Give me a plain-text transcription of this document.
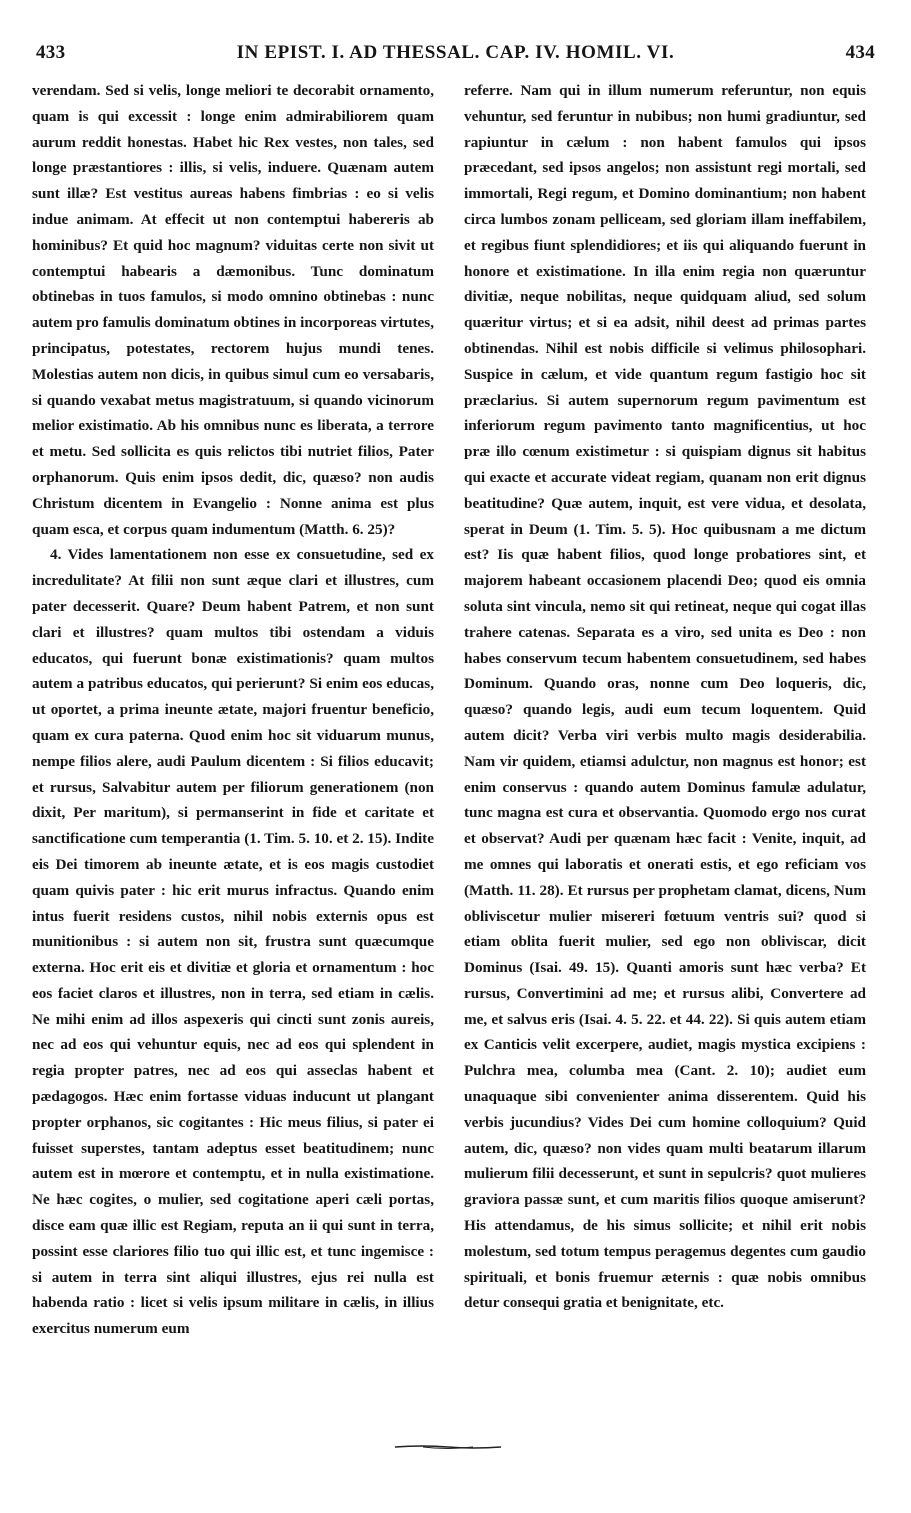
433	IN EPIST. I. AD THESSAL. CAP. IV. HOMIL. VI.	434

verendam. Sed si velis, longe meliori te decorabit ornamento, quam is qui excessit : longe enim admirabiliorem quam aurum reddit honestas. Habet hic Rex vestes, non tales, sed longe præstantiores : illis, si velis, induere. Quænam autem sunt illæ? Est vestitus aureas habens fimbrias : eo si velis indue animam. At effecit ut non contemptui habereris ab hominibus? Et quid hoc magnum? viduitas certe non sivit ut contemptui habearis a dæmonibus. Tunc dominatum obtinebas in tuos famulos, si modo omnino obtinebas : nunc autem pro famulis dominatum obtines in incorporeas virtutes, principatus, potestates, rectorem hujus mundi tenes. Molestias autem non dicis, in quibus simul cum eo versabaris, si quando vexabat metus magistratuum, si quando vicinorum melior existimatio. Ab his omnibus nunc es liberata, a terrore et metu. Sed sollicita es quis relictos tibi nutriet filios, Pater orphanorum. Quis enim ipsos dedit, dic, quæso? non audis Christum dicentem in Evangelio : Nonne anima est plus quam esca, et corpus quam indumentum (Matth. 6. 25)?

4. Vides lamentationem non esse ex consuetudine, sed ex incredulitate? At filii non sunt æque clari et illustres, cum pater decesserit. Quare? Deum habent Patrem, et non sunt clari et illustres? quam multos tibi ostendam a viduis educatos, qui fuerunt bonæ existimationis? quam multos autem a patribus educatos, qui perierunt? Si enim eos educas, ut oportet, a prima ineunte ætate, majori fruentur beneficio, quam ex cura paterna. Quod enim hoc sit viduarum munus, nempe filios alere, audi Paulum dicentem : Si filios educavit; et rursus, Salvabitur autem per filiorum generationem (non dixit, Per maritum), si permanserint in fide et caritate et sanctificatione cum temperantia (1. Tim. 5. 10. et 2. 15). Indite eis Dei timorem ab ineunte ætate, et is eos magis custodiet quam quivis pater : hic erit murus infractus. Quando enim intus fuerit residens custos, nihil nobis externis opus est munitionibus : si autem non sit, frustra sunt quæcumque externa. Hoc erit eis et divitiæ et gloria et ornamentum : hoc eos faciet claros et illustres, non in terra, sed etiam in cælis. Ne mihi enim ad illos aspexeris qui cincti sunt zonis aureis, nec ad eos qui vehuntur equis, nec ad eos qui splendent in regia propter patres, nec ad eos qui asseclas habent et pædagogos. Hæc enim fortasse viduas inducunt ut plangant propter orphanos, sic cogitantes : Hic meus filius, si pater ei fuisset superstes, tantam adeptus esset beatitudinem; nunc autem est in mœrore et contemptu, et in nulla existimatione. Ne hæc cogites, o mulier, sed cogitatione aperi cæli portas, disce eam quæ illic est Regiam, reputa an ii qui sunt in terra, possint esse clariores filio tuo qui illic est, et tunc ingemisce : si autem in terra sint aliqui illustres, ejus rei nulla est habenda ratio : licet si velis ipsum militare in cælis, in illius exercitus numerum eum

referre. Nam qui in illum numerum referuntur, non equis vehuntur, sed feruntur in nubibus; non humi gradiuntur, sed rapiuntur in cælum : non habent famulos qui ipsos præcedant, sed ipsos angelos; non assistunt regi mortali, sed immortali, Regi regum, et Domino dominantium; non habent circa lumbos zonam pelliceam, sed gloriam illam ineffabilem, et regibus fiunt splendidiores; et iis qui aliquando fuerunt in honore et existimatione. In illa enim regia non quæruntur divitiæ, neque nobilitas, neque quidquam aliud, sed solum quæritur virtus; et si ea adsit, nihil deest ad primas partes obtinendas. Nihil est nobis difficile si velimus philosophari. Suspice in cælum, et vide quantum regum fastigio hoc sit præclarius. Si autem supernorum regum pavimentum est inferiorum regum pavimento tanto magnificentius, ut hoc præ illo cœnum existimetur : si quispiam dignus sit habitus qui exacte et accurate videat regiam, quanam non erit dignus beatitudine? Quæ autem, inquit, est vere vidua, et desolata, sperat in Deum (1. Tim. 5. 5). Hoc quibusnam a me dictum est? Iis quæ habent filios, quod longe probatiores sint, et majorem habeant occasionem placendi Deo; quod eis omnia soluta sint vincula, nemo sit qui retineat, neque qui cogat illas trahere catenas. Separata es a viro, sed unita es Deo : non habes conservum tecum habentem consuetudinem, sed habes Dominum. Quando oras, nonne cum Deo loqueris, dic, quæso? quando legis, audi eum tecum loquentem. Quid autem dicit? Verba viri verbis multo magis desiderabilia. Nam vir quidem, etiamsi adulctur, non magnus est honor; est enim conservus : quando autem Dominus famulæ adulatur, tunc magna est cura et observantia. Quomodo ergo nos curat et observat? Audi per quænam hæc facit : Venite, inquit, ad me omnes qui laboratis et onerati estis, et ego reficiam vos (Matth. 11. 28). Et rursus per prophetam clamat, dicens, Num obliviscetur mulier misereri fœtuum ventris sui? quod si etiam oblita fuerit mulier, sed ego non obliviscar, dicit Dominus (Isai. 49. 15). Quanti amoris sunt hæc verba? Et rursus, Convertimini ad me; et rursus alibi, Convertere ad me, et salvus eris (Isai. 4. 5. 22. et 44. 22). Si quis autem etiam ex Canticis velit excerpere, audiet, magis mystica excipiens : Pulchra mea, columba mea (Cant. 2. 10); audiet eum unaquaque sibi convenienter anima disserentem. Quid his verbis jucundius? Vides Dei cum homine colloquium? Quid autem, dic, quæso? non vides quam multi beatarum illarum mulierum filii decesserunt, et sunt in sepulcris? quot mulieres graviora passæ sunt, et cum maritis filios quoque amiserunt? His attendamus, de his simus sollicite; et nihil erit nobis molestum, sed totum tempus peragemus degentes cum gaudio spirituali, et bonis fruemur æternis : quæ nobis omnibus detur consequi gratia et benignitate, etc.
